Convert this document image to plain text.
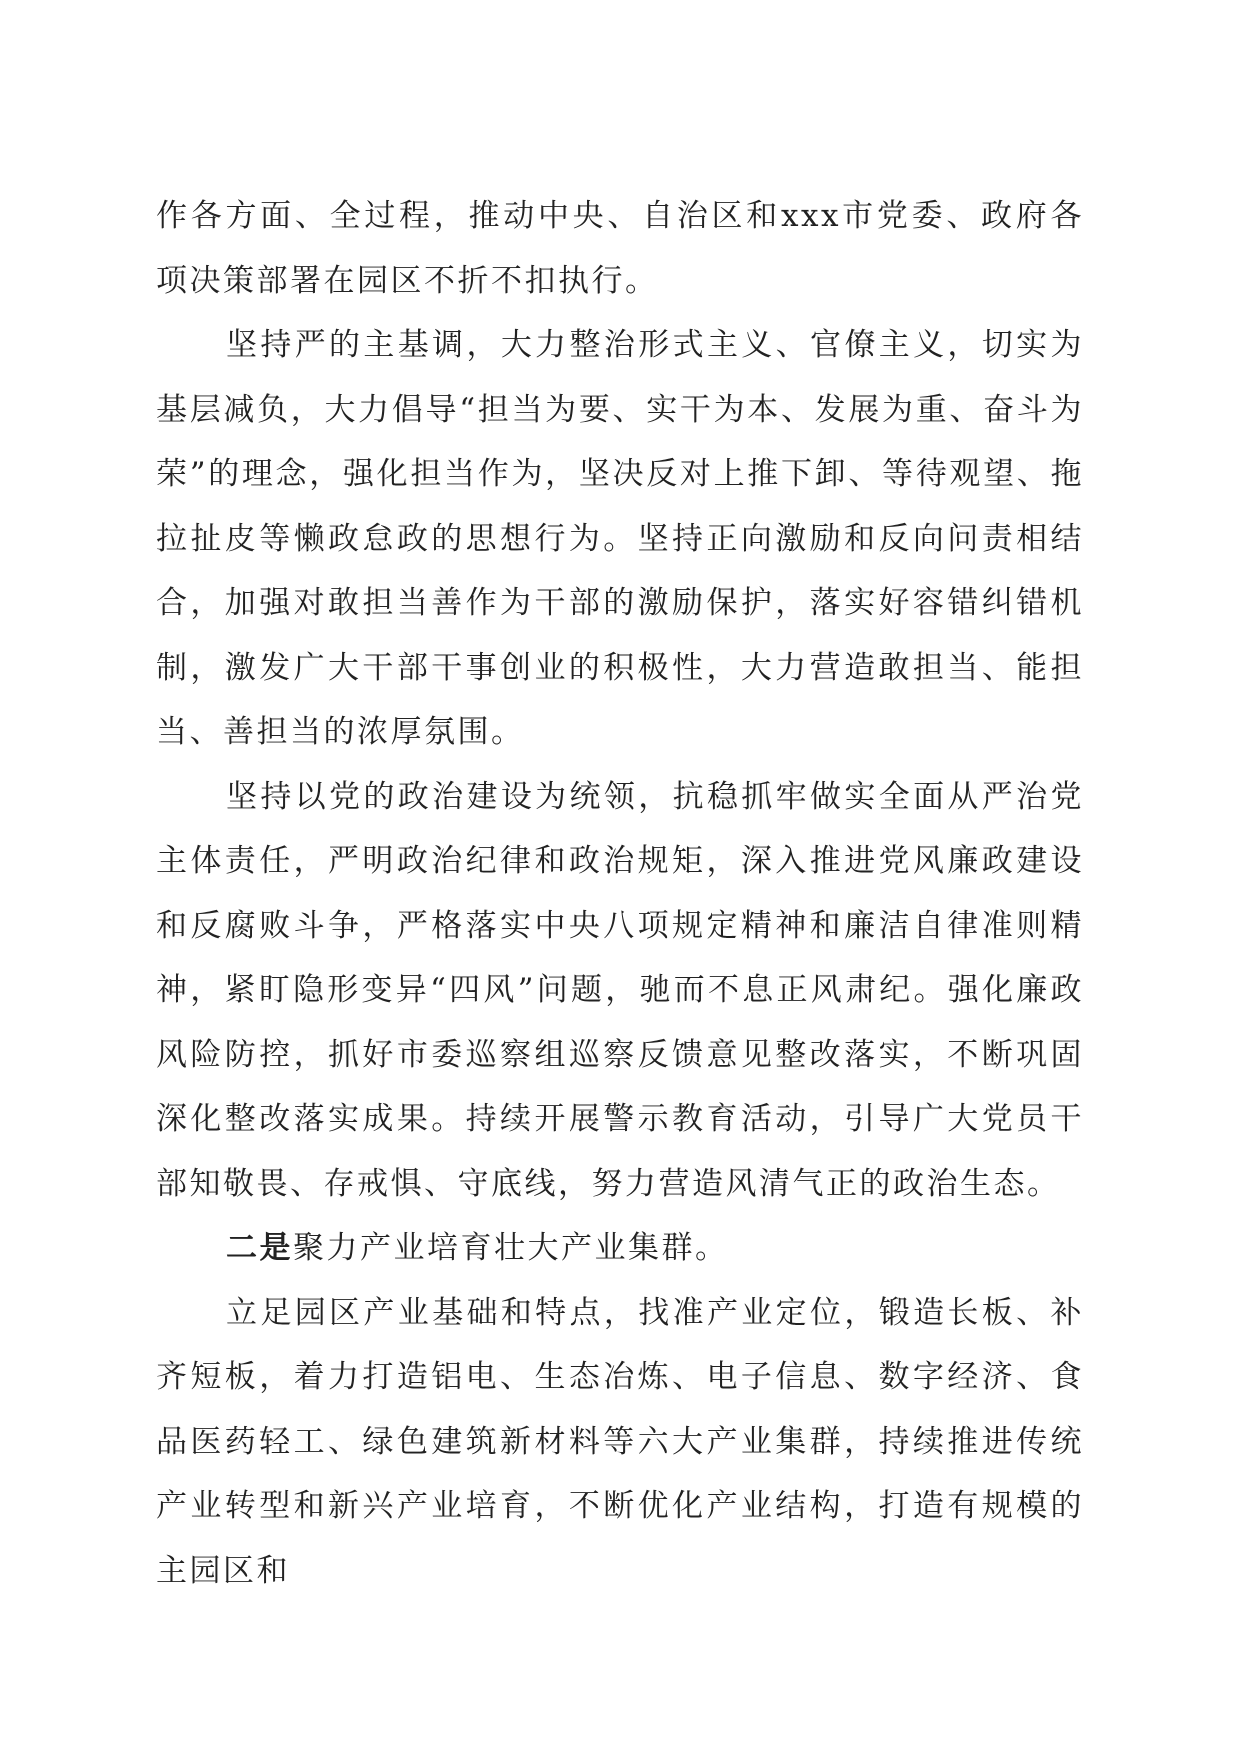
作各方面、全过程，推动中央、自治区和xxx市党委、政府各项决策部署在园区不折不扣执行。

坚持严的主基调，大力整治形式主义、官僚主义，切实为基层减负，大力倡导“担当为要、实干为本、发展为重、奋斗为荣”的理念，强化担当作为，坚决反对上推下卸、等待观望、拖拉扯皮等懒政怠政的思想行为。坚持正向激励和反向问责相结合，加强对敢担当善作为干部的激励保护，落实好容错纠错机制，激发广大干部干事创业的积极性，大力营造敢担当、能担当、善担当的浓厚氛围。

坚持以党的政治建设为统领，抗稳抓牢做实全面从严治党主体责任，严明政治纪律和政治规矩，深入推进党风廉政建设和反腐败斗争，严格落实中央八项规定精神和廉洁自律准则精神，紧盯隐形变异“四风”问题，驰而不息正风肃纪。强化廉政风险防控，抓好市委巡察组巡察反馈意见整改落实，不断巩固深化整改落实成果。持续开展警示教育活动，引导广大党员干部知敬畏、存戒惧、守底线，努力营造风清气正的政治生态。

二是聚力产业培育壮大产业集群。

立足园区产业基础和特点，找准产业定位，锻造长板、补齐短板，着力打造铝电、生态冶炼、电子信息、数字经济、食品医药轻工、绿色建筑新材料等六大产业集群，持续推进传统产业转型和新兴产业培育，不断优化产业结构，打造有规模的主园区和
